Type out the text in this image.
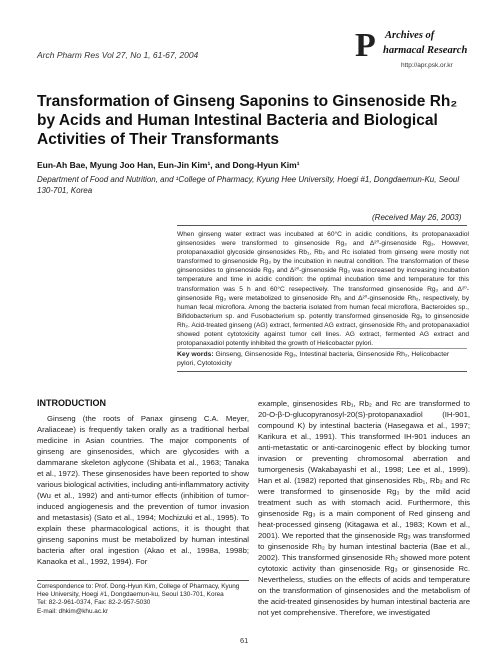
Arch Pharm Res Vol 27, No 1, 61-67, 2004	P Archives of
harmacal Research
http://apr.psk.or.kr
Transformation of Ginseng Saponins to Ginsenoside Rh₂ by Acids and Human Intestinal Bacteria and Biological Activities of Their Transformants
Eun-Ah Bae, Myung Joo Han, Eun-Jin Kim¹, and Dong-Hyun Kim¹
Department of Food and Nutrition, and ¹College of Pharmacy, Kyung Hee University, Hoegi #1, Dongdaemun-Ku, Seoul 130-701, Korea
(Received May 26, 2003)
When ginseng water extract was incubated at 60°C in acidic conditions, its protopanaxadiol ginsenosides were transformed to ginsenoside Rg₃ and Δ²⁰-ginsenoside Rg₃. However, protopanaxadiol glycoside ginsenosides Rb₁, Rb₂ and Rc isolated from ginseng were mostly not transformed to ginsenoside Rg₃ by the incubation in neutral condition. The transformation of these ginsenosides to ginsenoside Rg₃ and Δ²⁰-ginsenoside Rg₃ was increased by increasing incubation temperature and time in acidic condition: the optimal incubation time and temperature for this transformation was 5 h and 60°C resepectively. The transformed ginsenoside Rg₃ and Δ²⁰-ginsenoside Rg₃ were metabolized to ginsenoside Rh₂ and Δ²⁰-ginsenoside Rh₂, respectively, by human fecal microflora. Among the bacteria isolated from human fecal microflora, Bacteroides sp., Bifidobacterium sp. and Fusobacterium sp. potently transformed ginsenoside Rg₃ to ginsenoside Rh₂. Acid-treated ginseng (AG) extract, fermented AG extract, ginsenoside Rh₂ and protopanaxadiol showed potent cytotoxicity against tumor cell lines. AG extract, fermented AG extract and protopanaxadiol potently inhibited the growth of Helicobacter pylori.
Key words: Ginseng, Ginsenoside Rg₃, Intestinal bacteria, Ginsenoside Rh₂, Helicobacter pylori, Cytotoxicity
INTRODUCTION
Ginseng (the roots of Panax ginseng C.A. Meyer, Araliaceae) is frequently taken orally as a traditional herbal medicine in Asian countries. The major components of ginseng are ginsenosides, which are glycosides with a dammarane skeleton aglycone (Shibata et al., 1963; Tanaka et al., 1972). These ginsenosides have been reported to show various biological activities, including anti-inflammatory activity (Wu et al., 1992) and anti-tumor effects (inhibition of tumor-induced angiogenesis and the prevention of tumor invasion and metastasis) (Sato et al., 1994; Mochizuki et al., 1995). To explain these pharmacological actions, it is thought that ginseng saponins must be metabolized by human intestinal bacteria after oral ingestion (Akao et al., 1998a, 1998b; Kanaoka et al., 1992, 1994). For
example, ginsenosides Rb₁, Rb₂ and Rc are transformed to 20-O-β-D-glucopyranosyl-20(S)-protopanaxadiol (IH-901, compound K) by intestinal bacteria (Hasegawa et al., 1997; Karikura et al., 1991). This transformed IH-901 induces an anti-metastatic or anti-carcinogenic effect by blocking tumor invasion or preventing chromosomal aberration and tumorgenesis (Wakabayashi et al., 1998; Lee et al., 1999). Han et al. (1982) reported that ginsenosides Rb₁, Rb₂ and Rc were transformed to ginsenoside Rg₃ by the mild acid treatment such as with stomach acid. Furthermore, this ginsenoside Rg₃ is a main component of Red ginseng and heat-processed ginseng (Kitagawa et al., 1983; Kown et al., 2001). We reported that the ginsenoside Rg₃ was transformed to ginsenoside Rh₂ by human intestinal bacteria (Bae et al., 2002). This transformed ginsenoside Rh₂ showed more potent cytotoxic activity than ginsenoside Rg₃ or ginsenoside Rc. Nevertheless, studies on the effects of acids and temperature on the transformation of ginsenosides and the metabolism of the acid-treated ginsenosides by human intestinal bacteria are not yet comprehensive. Therefore, we investigated
Correspondence to: Prof. Dong-Hyun Kim, College of Pharmacy, Kyung Hee University, Hoegi #1, Dongdaemun-ku, Seoul 130-701, Korea
Tel: 82-2-961-0374, Fax: 82-2-957-5030
E-mail: dhkim@khu.ac.kr
61
